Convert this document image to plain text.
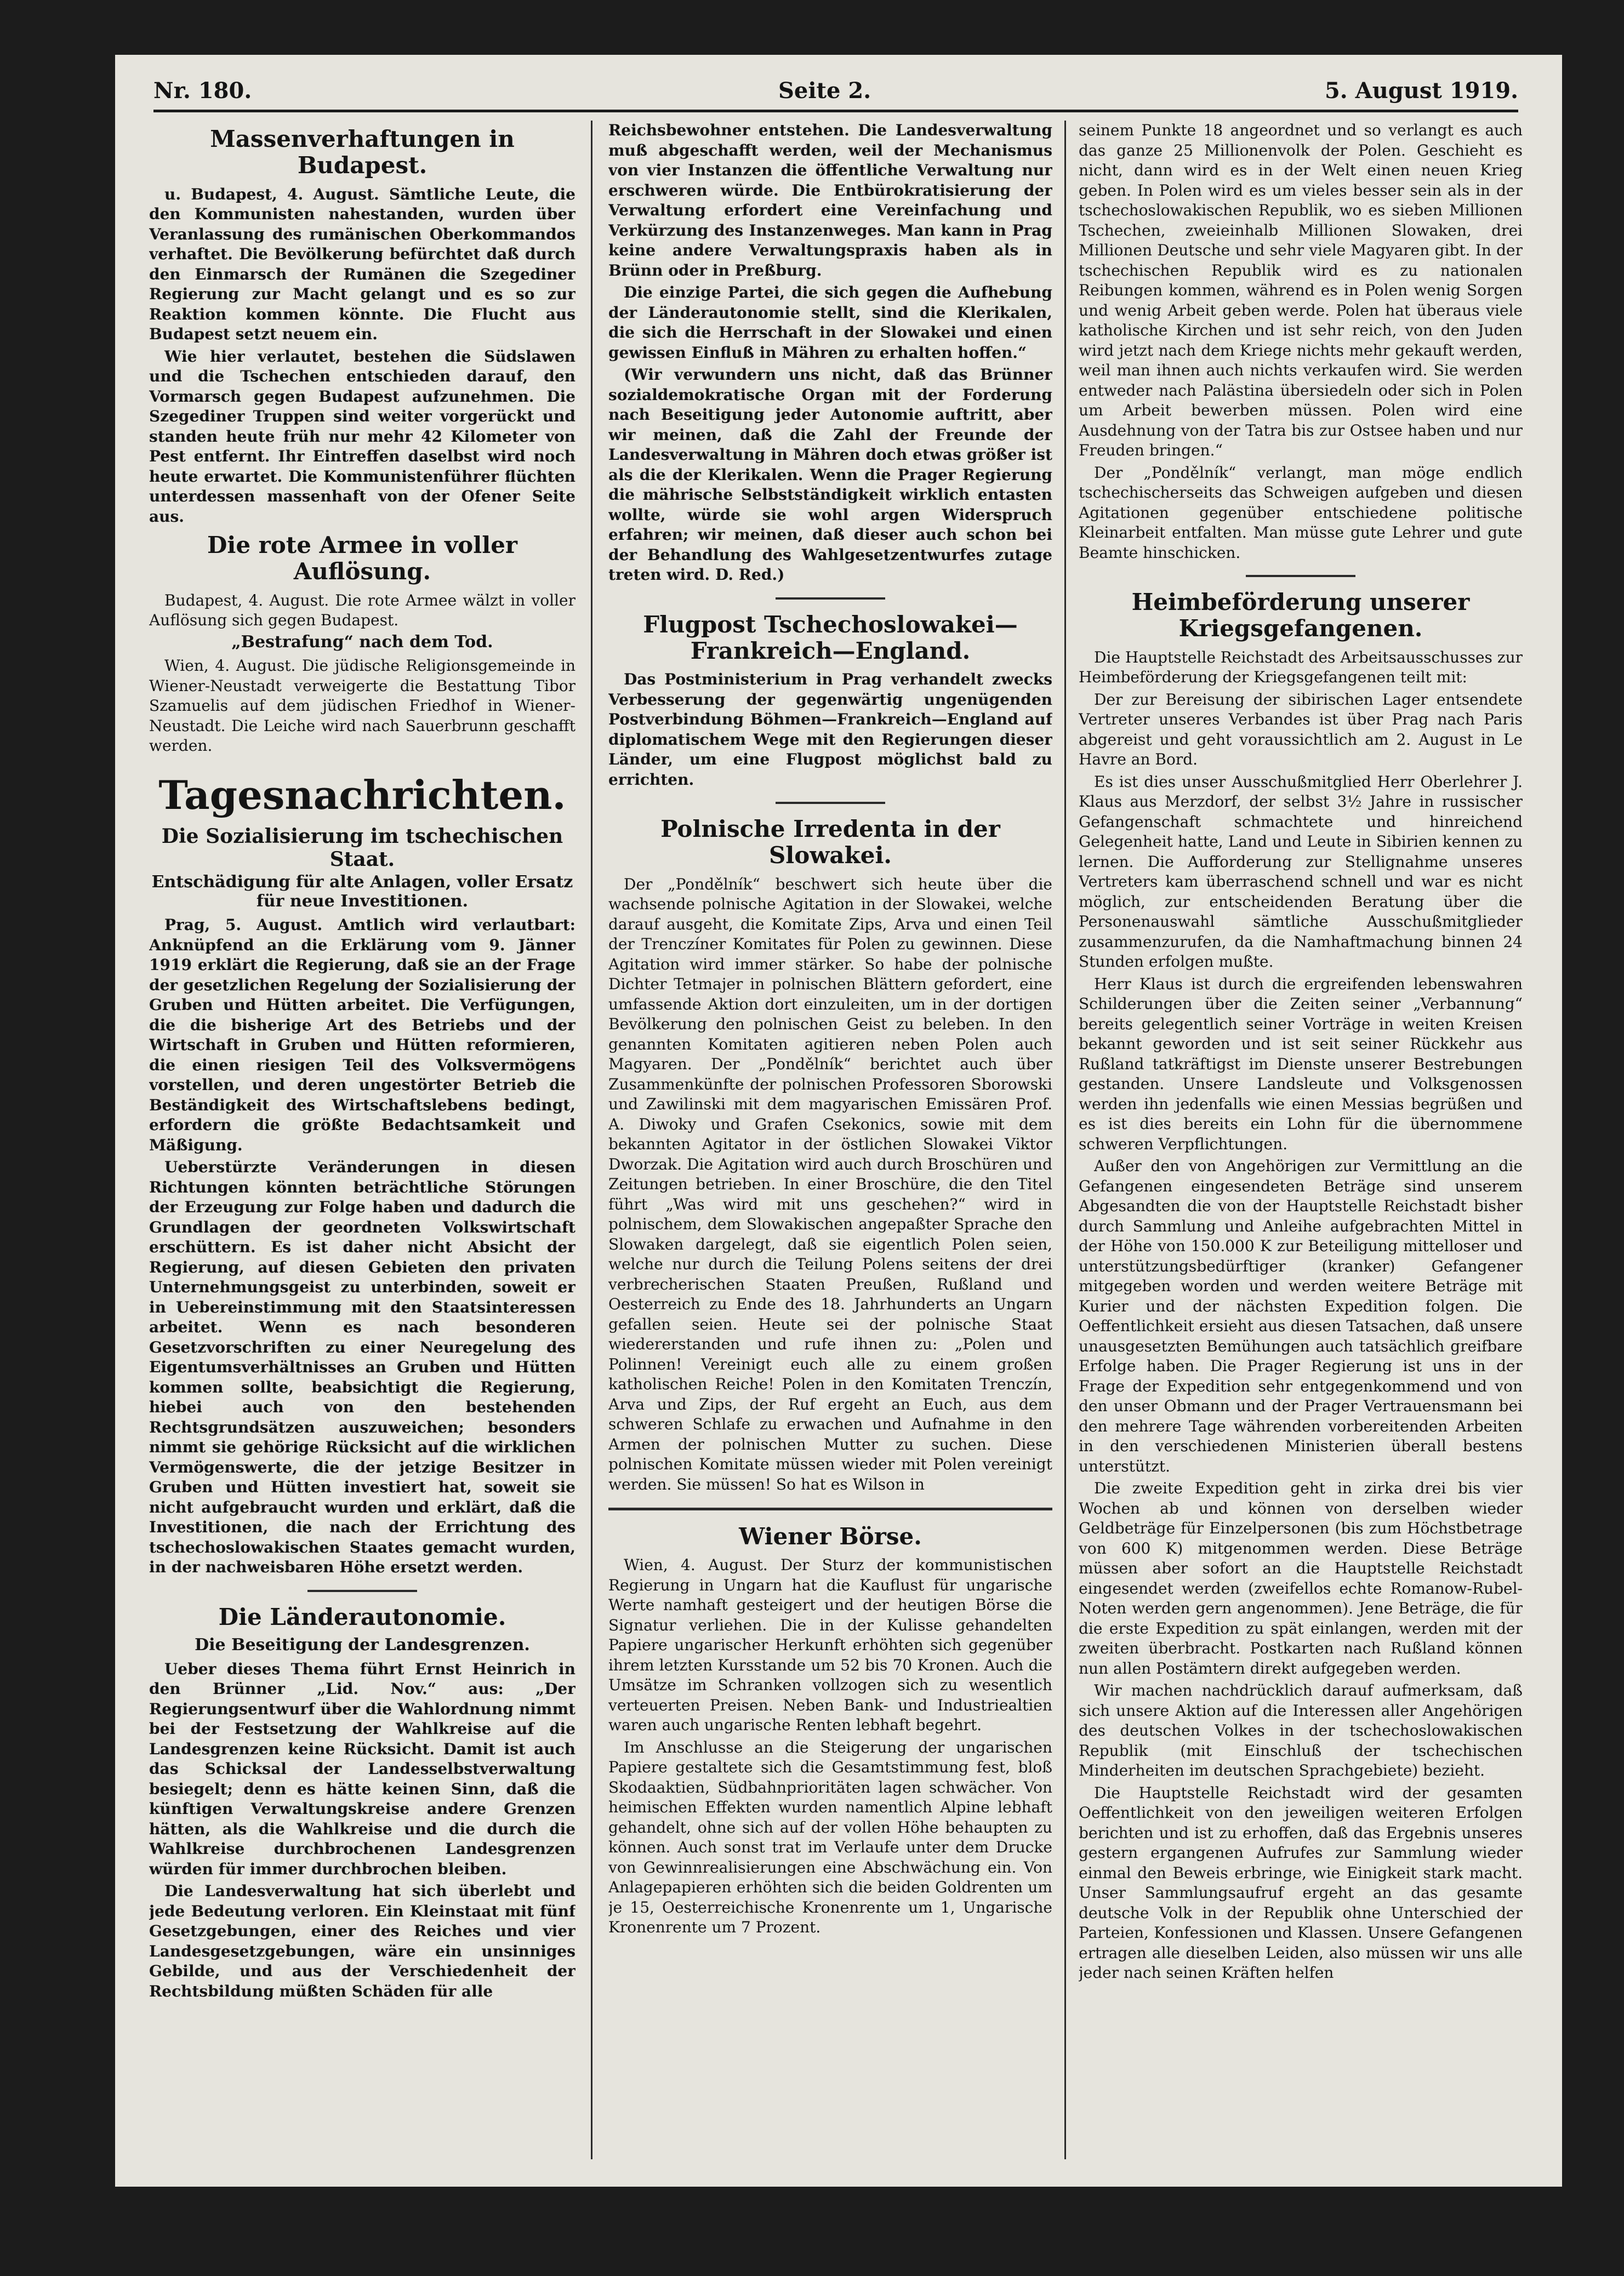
Nr. 180.	Seite 2.	5. August 1919.
Massenverhaftungen in Budapest.

u. Budapest, 4. August. Sämtliche Leute, die den Kommunisten nahestanden, wurden über Veranlassung des rumänischen Oberkommandos verhaftet. Die Bevölkerung befürchtet daß durch den Einmarsch der Rumänen die Szegediner Regierung zur Macht gelangt und es so zur Reaktion kommen könnte. Die Flucht aus Budapest setzt neuem ein.

Wie hier verlautet, bestehen die Südslawen und die Tschechen entschieden darauf, den Vormarsch gegen Budapest aufzunehmen. Die Szegediner Truppen sind weiter vorgerückt und standen heute früh nur mehr 42 Kilometer von Pest entfernt. Ihr Eintreffen daselbst wird noch heute erwartet. Die Kommunistenführer flüchten unterdessen massenhaft von der Ofener Seite aus.

Die rote Armee in voller Auflösung.

Budapest, 4. August. Die rote Armee wälzt in voller Auflösung sich gegen Budapest.

„Bestrafung“ nach dem Tod.

Wien, 4. August. Die jüdische Religionsgemeinde in Wiener-Neustadt verweigerte die Bestattung Tibor Szamuelis auf dem jüdischen Friedhof in Wiener-Neustadt. Die Leiche wird nach Sauerbrunn geschafft werden.

Tagesnachrichten.
Die Sozialisierung im tschechischen Staat.
Entschädigung für alte Anlagen, voller Ersatz für neue Investitionen.

Prag, 5. August. Amtlich wird verlautbart: Anknüpfend an die Erklärung vom 9. Jänner 1919 erklärt die Regierung, daß sie an der Frage der gesetzlichen Regelung der Sozialisierung der Gruben und Hütten arbeitet. Die Verfügungen, die die bisherige Art des Betriebs und der Wirtschaft in Gruben und Hütten reformieren, die einen riesigen Teil des Volksvermögens vorstellen, und deren ungestörter Betrieb die Beständigkeit des Wirtschaftslebens bedingt, erfordern die größte Bedachtsamkeit und Mäßigung.

Ueberstürzte Veränderungen in diesen Richtungen könnten beträchtliche Störungen der Erzeugung zur Folge haben und dadurch die Grundlagen der geordneten Volkswirtschaft erschüttern. Es ist daher nicht Absicht der Regierung, auf diesen Gebieten den privaten Unternehmungsgeist zu unterbinden, soweit er in Uebereinstimmung mit den Staatsinteressen arbeitet. Wenn es nach besonderen Gesetzvorschriften zu einer Neuregelung des Eigentumsverhältnisses an Gruben und Hütten kommen sollte, beabsichtigt die Regierung, hiebei auch von den bestehenden Rechtsgrundsätzen auszuweichen; besonders nimmt sie gehörige Rücksicht auf die wirklichen Vermögenswerte, die der jetzige Besitzer in Gruben und Hütten investiert hat, soweit sie nicht aufgebraucht wurden und erklärt, daß die Investitionen, die nach der Errichtung des tschechoslowakischen Staates gemacht wurden, in der nachweisbaren Höhe ersetzt werden.

Die Länderautonomie.
Die Beseitigung der Landesgrenzen.

Ueber dieses Thema führt Ernst Heinrich in den Brünner „Lid. Nov.“ aus: „Der Regierungsentwurf über die Wahlordnung nimmt bei der Festsetzung der Wahlkreise auf die Landesgrenzen keine Rücksicht. Damit ist auch das Schicksal der Landesselbstverwaltung besiegelt; denn es hätte keinen Sinn, daß die künftigen Verwaltungskreise andere Grenzen hätten, als die Wahlkreise und die durch die Wahlkreise durchbrochenen Landesgrenzen würden für immer durchbrochen bleiben.

Die Landesverwaltung hat sich überlebt und jede Bedeutung verloren. Ein Kleinstaat mit fünf Gesetzgebungen, einer des Reiches und vier Landesgesetzgebungen, wäre ein unsinniges Gebilde, und aus der Verschiedenheit der Rechtsbildung müßten Schäden für alle

Reichsbewohner entstehen. Die Landesverwaltung muß abgeschafft werden, weil der Mechanismus von vier Instanzen die öffentliche Verwaltung nur erschweren würde. Die Entbürokratisierung der Verwaltung erfordert eine Vereinfachung und Verkürzung des Instanzenweges. Man kann in Prag keine andere Verwaltungspraxis haben als in Brünn oder in Preßburg.

Die einzige Partei, die sich gegen die Aufhebung der Länderautonomie stellt, sind die Klerikalen, die sich die Herrschaft in der Slowakei und einen gewissen Einfluß in Mähren zu erhalten hoffen.“

(Wir verwundern uns nicht, daß das Brünner sozialdemokratische Organ mit der Forderung nach Beseitigung jeder Autonomie auftritt, aber wir meinen, daß die Zahl der Freunde der Landesverwaltung in Mähren doch etwas größer ist als die der Klerikalen. Wenn die Prager Regierung die mährische Selbstständigkeit wirklich entasten wollte, würde sie wohl argen Widerspruch erfahren; wir meinen, daß dieser auch schon bei der Behandlung des Wahlgesetzentwurfes zutage treten wird. D. Red.)

Flugpost Tschechoslowakei—Frankreich—England.

Das Postministerium in Prag verhandelt zwecks Verbesserung der gegenwärtig ungenügenden Postverbindung Böhmen—Frankreich—England auf diplomatischem Wege mit den Regierungen dieser Länder, um eine Flugpost möglichst bald zu errichten.

Polnische Irredenta in der Slowakei.

Der „Pondělník“ beschwert sich heute über die wachsende polnische Agitation in der Slowakei, welche darauf ausgeht, die Komitate Zips, Arva und einen Teil der Trenczíner Komitates für Polen zu gewinnen. Diese Agitation wird immer stärker. So habe der polnische Dichter Tetmajer in polnischen Blättern gefordert, eine umfassende Aktion dort einzuleiten, um in der dortigen Bevölkerung den polnischen Geist zu beleben. In den genannten Komitaten agitieren neben Polen auch Magyaren. Der „Pondělník“ berichtet auch über Zusammenkünfte der polnischen Professoren Sborowski und Zawilinski mit dem magyarischen Emissären Prof. A. Diwoky und Grafen Csekonics, sowie mit dem bekannten Agitator in der östlichen Slowakei Viktor Dworzak. Die Agitation wird auch durch Broschüren und Zeitungen betrieben. In einer Broschüre, die den Titel führt „Was wird mit uns geschehen?“ wird in polnischem, dem Slowakischen angepaßter Sprache den Slowaken dargelegt, daß sie eigentlich Polen seien, welche nur durch die Teilung Polens seitens der drei verbrecherischen Staaten Preußen, Rußland und Oesterreich zu Ende des 18. Jahrhunderts an Ungarn gefallen seien. Heute sei der polnische Staat wiedererstanden und rufe ihnen zu: „Polen und Polinnen! Vereinigt euch alle zu einem großen katholischen Reiche! Polen in den Komitaten Trenczín, Arva und Zips, der Ruf ergeht an Euch, aus dem schweren Schlafe zu erwachen und Aufnahme in den Armen der polnischen Mutter zu suchen. Diese polnischen Komitate müssen wieder mit Polen vereinigt werden. Sie müssen! So hat es Wilson in

Wiener Börse.

Wien, 4. August. Der Sturz der kommunistischen Regierung in Ungarn hat die Kauflust für ungarische Werte namhaft gesteigert und der heutigen Börse die Signatur verliehen. Die in der Kulisse gehandelten Papiere ungarischer Herkunft erhöhten sich gegenüber ihrem letzten Kursstande um 52 bis 70 Kronen. Auch die Umsätze im Schranken vollzogen sich zu wesentlich verteuerten Preisen. Neben Bank- und Industriealtien waren auch ungarische Renten lebhaft begehrt.

Im Anschlusse an die Steigerung der ungarischen Papiere gestaltete sich die Gesamtstimmung fest, bloß Skodaaktien, Südbahnprioritäten lagen schwächer. Von heimischen Effekten wurden namentlich Alpine lebhaft gehandelt, ohne sich auf der vollen Höhe behaupten zu können. Auch sonst trat im Verlaufe unter dem Drucke von Gewinnrealisierungen eine Abschwächung ein. Von Anlagepapieren erhöhten sich die beiden Goldrenten um je 15, Oesterreichische Kronenrente um 1, Ungarische Kronenrente um 7 Prozent.

seinem Punkte 18 angeordnet und so verlangt es auch das ganze 25 Millionenvolk der Polen. Geschieht es nicht, dann wird es in der Welt einen neuen Krieg geben. In Polen wird es um vieles besser sein als in der tschechoslowakischen Republik, wo es sieben Millionen Tschechen, zweieinhalb Millionen Slowaken, drei Millionen Deutsche und sehr viele Magyaren gibt. In der tschechischen Republik wird es zu nationalen Reibungen kommen, während es in Polen wenig Sorgen und wenig Arbeit geben werde. Polen hat überaus viele katholische Kirchen und ist sehr reich, von den Juden wird jetzt nach dem Kriege nichts mehr gekauft werden, weil man ihnen auch nichts verkaufen wird. Sie werden entweder nach Palästina übersiedeln oder sich in Polen um Arbeit bewerben müssen. Polen wird eine Ausdehnung von der Tatra bis zur Ostsee haben und nur Freuden bringen.“

Der „Pondělník“ verlangt, man möge endlich tschechischerseits das Schweigen aufgeben und diesen Agitationen gegenüber entschiedene politische Kleinarbeit entfalten. Man müsse gute Lehrer und gute Beamte hinschicken.

Heimbeförderung unserer Kriegsgefangenen.

Die Hauptstelle Reichstadt des Arbeitsausschusses zur Heimbeförderung der Kriegsgefangenen teilt mit:

Der zur Bereisung der sibirischen Lager entsendete Vertreter unseres Verbandes ist über Prag nach Paris abgereist und geht voraussichtlich am 2. August in Le Havre an Bord.

Es ist dies unser Ausschußmitglied Herr Oberlehrer J. Klaus aus Merzdorf, der selbst 3½ Jahre in russischer Gefangenschaft schmachtete und hinreichend Gelegenheit hatte, Land und Leute in Sibirien kennen zu lernen. Die Aufforderung zur Stellignahme unseres Vertreters kam überraschend schnell und war es nicht möglich, zur entscheidenden Beratung über die Personenauswahl sämtliche Ausschußmitglieder zusammenzurufen, da die Namhaftmachung binnen 24 Stunden erfolgen mußte.

Herr Klaus ist durch die ergreifenden lebenswahren Schilderungen über die Zeiten seiner „Verbannung“ bereits gelegentlich seiner Vorträge in weiten Kreisen bekannt geworden und ist seit seiner Rückkehr aus Rußland tatkräftigst im Dienste unserer Bestrebungen gestanden. Unsere Landsleute und Volksgenossen werden ihn jedenfalls wie einen Messias begrüßen und es ist dies bereits ein Lohn für die übernommene schweren Verpflichtungen.

Außer den von Angehörigen zur Vermittlung an die Gefangenen eingesendeten Beträge sind unserem Abgesandten die von der Hauptstelle Reichstadt bisher durch Sammlung und Anleihe aufgebrachten Mittel in der Höhe von 150.000 K zur Beteiligung mittelloser und unterstützungsbedürftiger (kranker) Gefangener mitgegeben worden und werden weitere Beträge mit Kurier und der nächsten Expedition folgen. Die Oeffentlichkeit ersieht aus diesen Tatsachen, daß unsere unausgesetzten Bemühungen auch tatsächlich greifbare Erfolge haben. Die Prager Regierung ist uns in der Frage der Expedition sehr entgegenkommend und von den unser Obmann und der Prager Vertrauensmann bei den mehrere Tage währenden vorbereitenden Arbeiten in den verschiedenen Ministerien überall bestens unterstützt.

Die zweite Expedition geht in zirka drei bis vier Wochen ab und können von derselben wieder Geldbeträge für Einzelpersonen (bis zum Höchstbetrage von 600 K) mitgenommen werden. Diese Beträge müssen aber sofort an die Hauptstelle Reichstadt eingesendet werden (zweifellos echte Romanow-Rubel-Noten werden gern angenommen). Jene Beträge, die für die erste Expedition zu spät einlangen, werden mit der zweiten überbracht. Postkarten nach Rußland können nun allen Postämtern direkt aufgegeben werden.

Wir machen nachdrücklich darauf aufmerksam, daß sich unsere Aktion auf die Interessen aller Angehörigen des deutschen Volkes in der tschechoslowakischen Republik (mit Einschluß der tschechischen Minderheiten im deutschen Sprachgebiete) bezieht.

Die Hauptstelle Reichstadt wird der gesamten Oeffentlichkeit von den jeweiligen weiteren Erfolgen berichten und ist zu erhoffen, daß das Ergebnis unseres gestern ergangenen Aufrufes zur Sammlung wieder einmal den Beweis erbringe, wie Einigkeit stark macht. Unser Sammlungsaufruf ergeht an das gesamte deutsche Volk in der Republik ohne Unterschied der Parteien, Konfessionen und Klassen. Unsere Gefangenen ertragen alle dieselben Leiden, also müssen wir uns alle jeder nach seinen Kräften helfen
